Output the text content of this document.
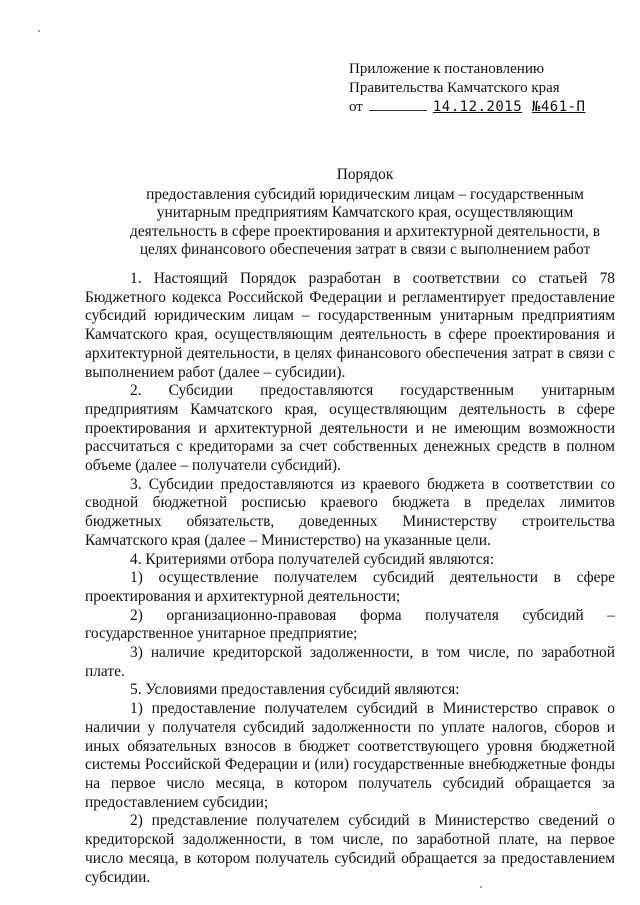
Приложение к постановлению
Правительства Камчатского края
от	14.12.2015 №461-П
Порядок
предоставления субсидий юридическим лицам – государственным унитарным предприятиям Камчатского края, осуществляющим деятельность в сфере проектирования и архитектурной деятельности, в целях финансового обеспечения затрат в связи с выполнением работ

1. Настоящий Порядок разработан в соответствии со статьей 78 Бюджетного кодекса Российской Федерации и регламентирует предоставление субсидий юридическим лицам – государственным унитарным предприятиям Камчатского края, осуществляющим деятельность в сфере проектирования и архитектурной деятельности, в целях финансового обеспечения затрат в связи с выполнением работ (далее – субсидии).

2. Субсидии предоставляются государственным унитарным предприятиям Камчатского края, осуществляющим деятельность в сфере проектирования и архитектурной деятельности и не имеющим возможности рассчитаться с кредиторами за счет собственных денежных средств в полном объеме (далее – получатели субсидий).

3. Субсидии предоставляются из краевого бюджета в соответствии со сводной бюджетной росписью краевого бюджета в пределах лимитов бюджетных обязательств, доведенных Министерству строительства Камчатского края (далее – Министерство) на указанные цели.

4. Критериями отбора получателей субсидий являются:

1) осуществление получателем субсидий деятельности в сфере проектирования и архитектурной деятельности;

2) организационно-правовая форма получателя субсидий – государственное унитарное предприятие;

3) наличие кредиторской задолженности, в том числе, по заработной плате.

5. Условиями предоставления субсидий являются:

1) предоставление получателем субсидий в Министерство справок о наличии у получателя субсидий задолженности по уплате налогов, сборов и иных обязательных взносов в бюджет соответствующего уровня бюджетной системы Российской Федерации и (или) государственные внебюджетные фонды на первое число месяца, в котором получатель субсидий обращается за предоставлением субсидии;

2) представление получателем субсидий в Министерство сведений о кредиторской задолженности, в том числе, по заработной плате, на первое число месяца, в котором получатель субсидий обращается за предоставлением субсидии.
